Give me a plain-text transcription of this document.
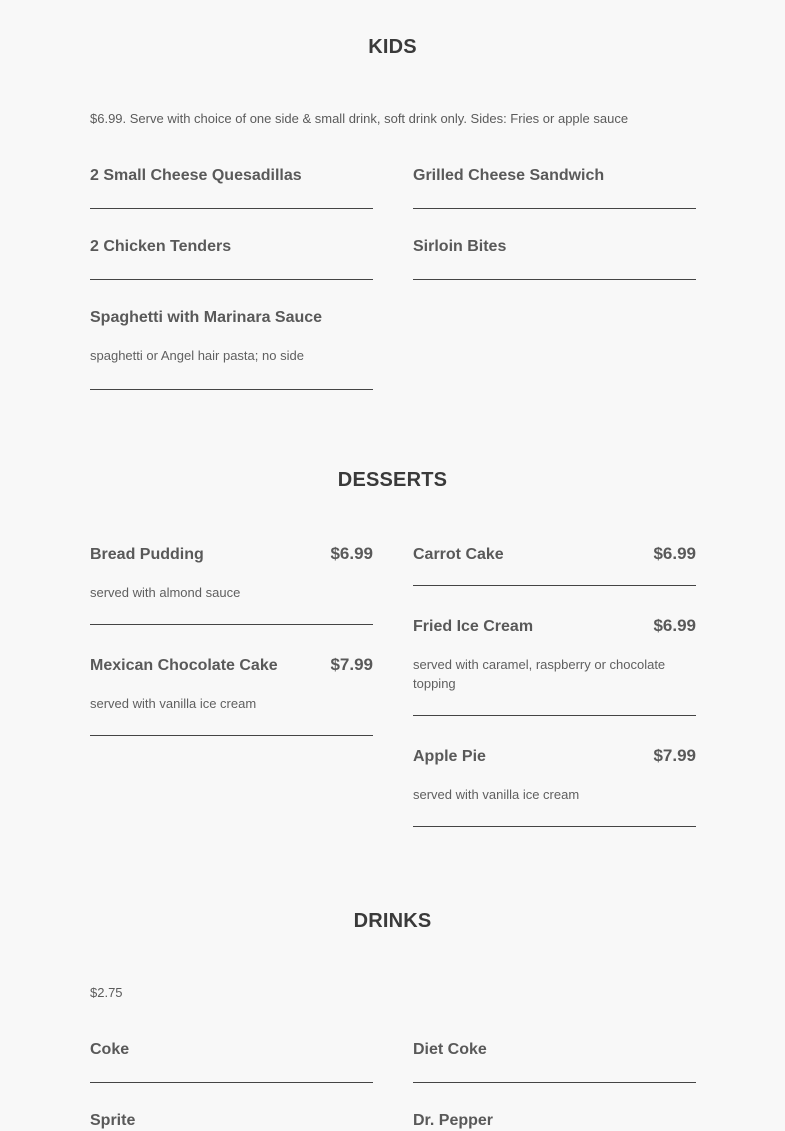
KIDS

$6.99. Serve with choice of one side & small drink, soft drink only. Sides: Fries or apple sauce

2 Small Cheese Quesadillas	Grilled Cheese Sandwich
2 Chicken Tenders	Sirloin Bites
Spaghetti with Marinara Sauce
spaghetti or Angel hair pasta; no side
DESSERTS
Bread Pudding	$6.99
served with almond sauce
Carrot Cake	$6.99
Fried Ice Cream	$6.99
served with caramel, raspberry or chocolate topping
Mexican Chocolate Cake	$7.99
served with vanilla ice cream
Apple Pie	$7.99
served with vanilla ice cream
DRINKS

$2.75

Coke	Diet Coke
Sprite	Dr. Pepper
